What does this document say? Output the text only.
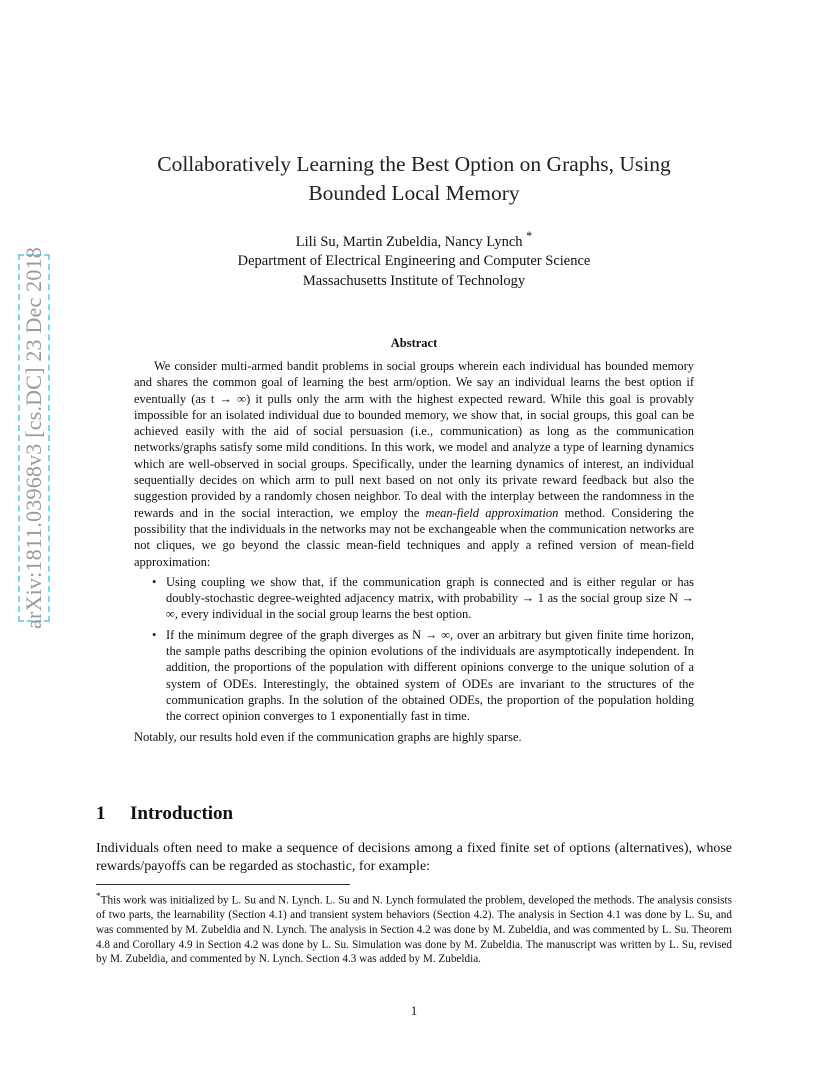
arXiv:1811.03968v3 [cs.DC] 23 Dec 2018
Collaboratively Learning the Best Option on Graphs, Using
Bounded Local Memory
Lili Su, Martin Zubeldia, Nancy Lynch *
Department of Electrical Engineering and Computer Science
Massachusetts Institute of Technology
Abstract

We consider multi-armed bandit problems in social groups wherein each individual has bounded memory and shares the common goal of learning the best arm/option. We say an individual learns the best option if eventually (as t → ∞) it pulls only the arm with the highest expected reward. While this goal is provably impossible for an isolated individual due to bounded memory, we show that, in social groups, this goal can be achieved easily with the aid of social persuasion (i.e., communication) as long as the communication networks/graphs satisfy some mild conditions. In this work, we model and analyze a type of learning dynamics which are well-observed in social groups. Specifically, under the learning dynamics of interest, an individual sequentially decides on which arm to pull next based on not only its private reward feedback but also the suggestion provided by a randomly chosen neighbor. To deal with the interplay between the randomness in the rewards and in the social interaction, we employ the mean-field approximation method. Considering the possibility that the individuals in the networks may not be exchangeable when the communication networks are not cliques, we go beyond the classic mean-field techniques and apply a refined version of mean-field approximation:

• Using coupling we show that, if the communication graph is connected and is either regular or has doubly-stochastic degree-weighted adjacency matrix, with probability → 1 as the social group size N → ∞, every individual in the social group learns the best option.
• If the minimum degree of the graph diverges as N → ∞, over an arbitrary but given finite time horizon, the sample paths describing the opinion evolutions of the individuals are asymptotically independent. In addition, the proportions of the population with different opinions converge to the unique solution of a system of ODEs. Interestingly, the obtained system of ODEs are invariant to the structures of the communication graphs. In the solution of the obtained ODEs, the proportion of the population holding the correct opinion converges to 1 exponentially fast in time.

Notably, our results hold even if the communication graphs are highly sparse.

1 Introduction
Individuals often need to make a sequence of decisions among a fixed finite set of options (alternatives), whose rewards/payoffs can be regarded as stochastic, for example:
*This work was initialized by L. Su and N. Lynch. L. Su and N. Lynch formulated the problem, developed the methods. The analysis consists of two parts, the learnability (Section 4.1) and transient system behaviors (Section 4.2). The analysis in Section 4.1 was done by L. Su, and was commented by M. Zubeldia and N. Lynch. The analysis in Section 4.2 was done by M. Zubeldia, and was commented by L. Su. Theorem 4.8 and Corollary 4.9 in Section 4.2 was done by L. Su. Simulation was done by M. Zubeldia. The manuscript was written by L. Su, revised by M. Zubeldia, and commented by N. Lynch. Section 4.3 was added by M. Zubeldia.
1
